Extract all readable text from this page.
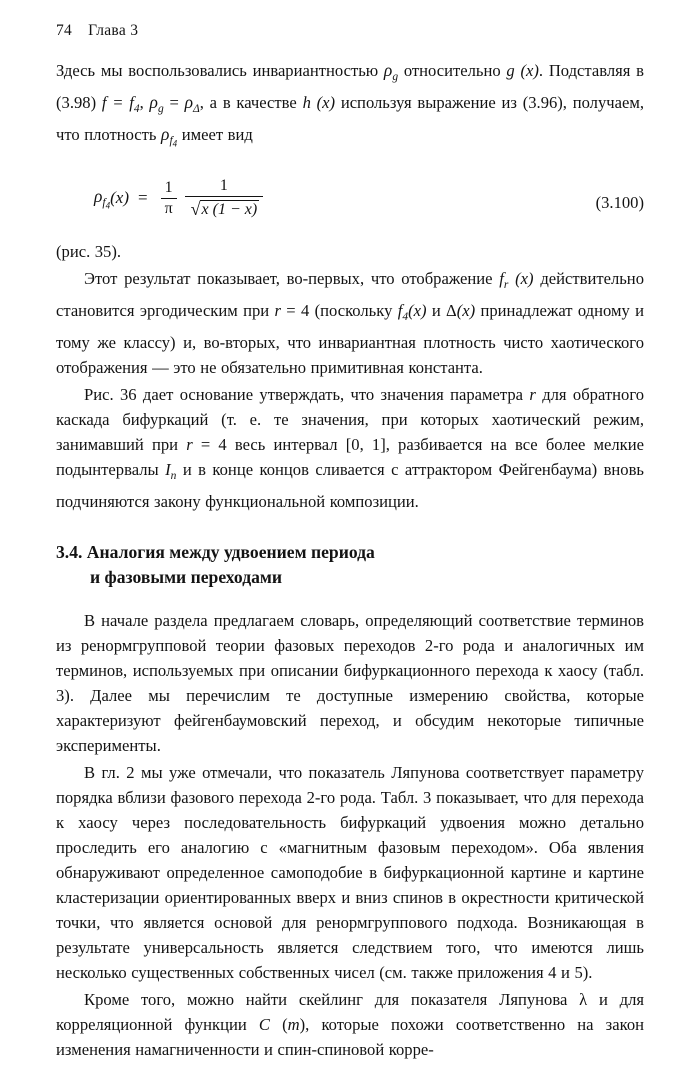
74 Глава 3

Здесь мы воспользовались инвариантностью $\rho_g$ относительно g (x). Подставляя в (3.98) $f = f_4$, $\rho_g = \rho_\Delta$, а в качестве h (x) используя выражение из (3.96), получаем, что плотность $\rho_{f_4}$ имеет вид

$\rho_{f_4}$ $(x) = \frac{1}{\pi} \frac{1}{√x (1 - x)}$	(3.100)

(рис. 35).

Этот результат показывает, во-первых, что отображение $f_r$ (x) действительно становится эргодическим при r = 4 (поскольку $f_4(x)$ и Δ(x) принадлежат одному и тому же классу) и, во-вторых, что инвариантная плотность чисто хаотического отображения — это не обязательно примитивная константа.

Рис. 36 дает основание утверждать, что значения параметра r для обратного каскада бифуркаций (т. е. те значения, при которых хаотический режим, занимавший при r = 4 весь интервал [0, 1], разбивается на все более мелкие подынтервалы $I_n$ и в конце концов сливается с аттрактором Фейгенбаума) вновь подчиняются закону функциональной композиции.

3.4. Аналогия между удвоением периода
и фазовыми переходами

В начале раздела предлагаем словарь, определяющий соответствие терминов из ренормгрупповой теории фазовых переходов 2-го рода и аналогичных им терминов, используемых при описании бифуркационного перехода к хаосу (табл. 3). Далее мы перечислим те доступные измерению свойства, которые характеризуют фейгенбаумовский переход, и обсудим некоторые типичные эксперименты.

В гл. 2 мы уже отмечали, что показатель Ляпунова соответствует параметру порядка вблизи фазового перехода 2-го рода. Табл. 3 показывает, что для перехода к хаосу через последовательность бифуркаций удвоения можно детально проследить его аналогию с «магнитным фазовым переходом». Оба явления обнаруживают определенное самоподобие в бифуркационной картине и картине кластеризации ориентированных вверх и вниз спинов в окрестности критической точки, что является основой для ренормгруппового подхода. Возникающая в результате универсальность является следствием того, что имеются лишь несколько существенных собственных чисел (см. также приложения 4 и 5).

Кроме того, можно найти скейлинг для показателя Ляпунова λ и для корреляционной функции C (m), которые похожи соответственно на закон изменения намагниченности и спин-спиновой корре-
